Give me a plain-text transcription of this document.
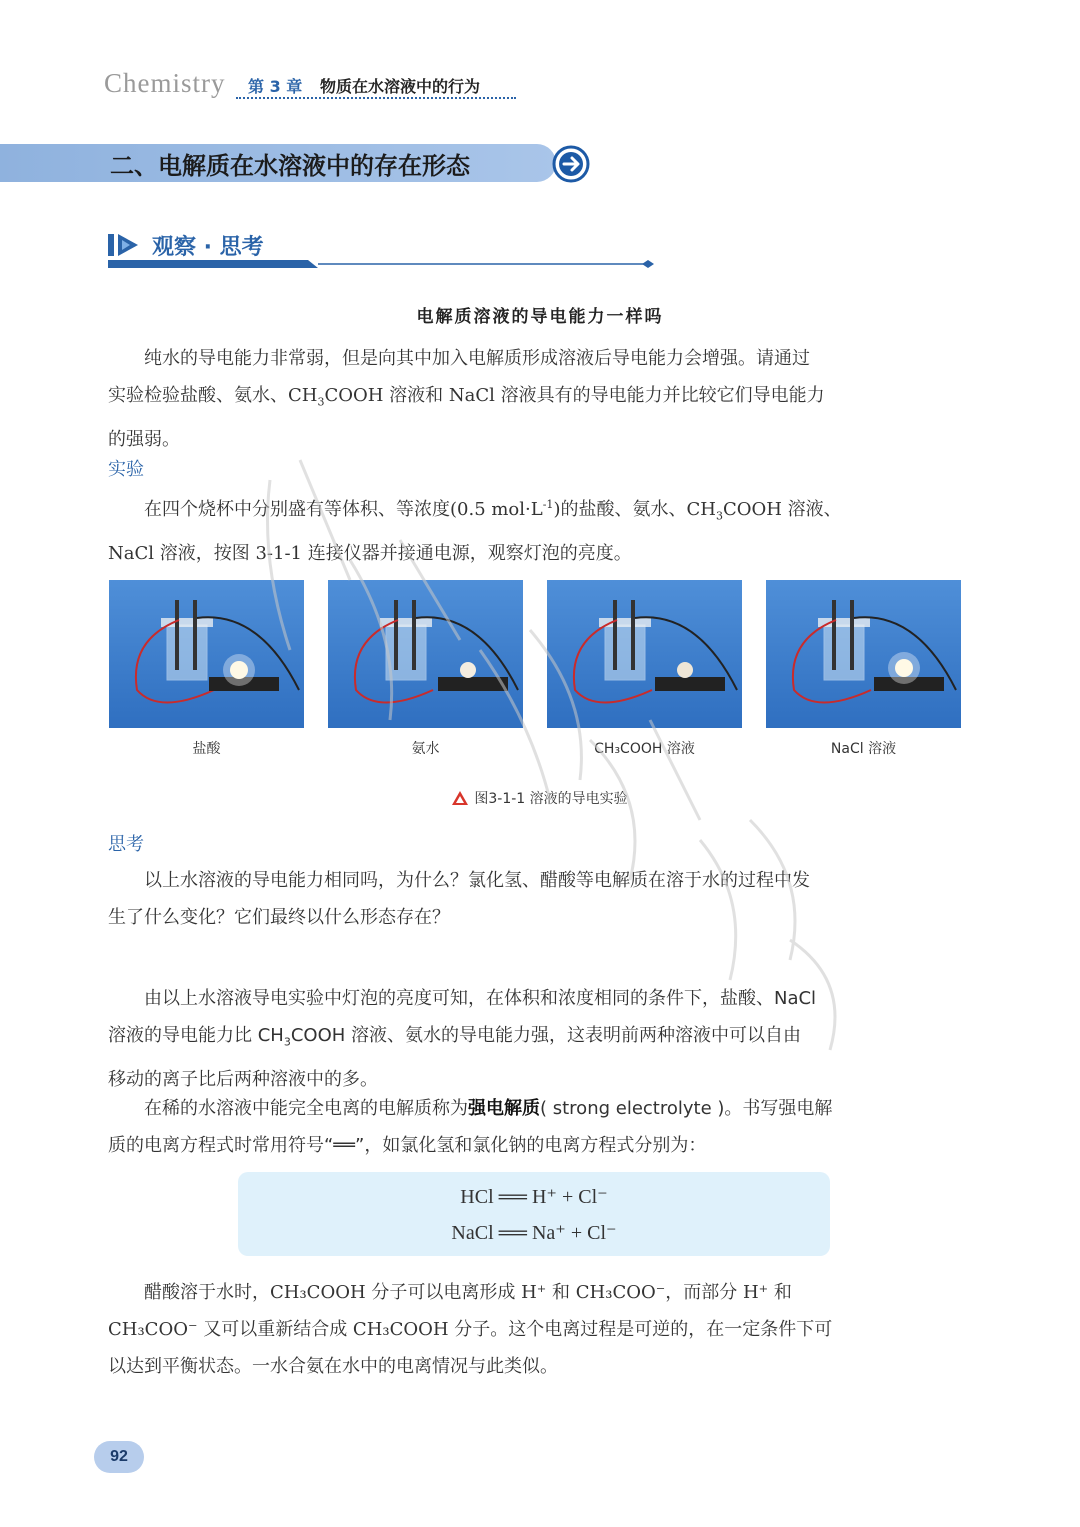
Chemistry 第 3 章 物质在水溶液中的行为
二、电解质在水溶液中的存在形态
观察 · 思考
电解质溶液的导电能力一样吗
纯水的导电能力非常弱，但是向其中加入电解质形成溶液后导电能力会增强。请通过
实验检验盐酸、氨水、$CH_3COOH$ 溶液和 NaCl 溶液具有的导电能力并比较它们导电能力
的强弱。
实验
在四个烧杯中分别盛有等体积、等浓度(0.5 $mol\cdot L^{-1}$)的盐酸、氨水、$CH_3COOH$ 溶液、
NaCl 溶液，按图 3-1-1 连接仪器并接通电源，观察灯泡的亮度。
盐酸	氨水	CH₃COOH 溶液	NaCl 溶液
图3-1-1 溶液的导电实验
思考
以上水溶液的导电能力相同吗，为什么？氯化氢、醋酸等电解质在溶于水的过程中发
生了什么变化？它们最终以什么形态存在？
由以上水溶液导电实验中灯泡的亮度可知，在体积和浓度相同的条件下，盐酸、NaCl
溶液的导电能力比 $CH_3COOH$ 溶液、氨水的导电能力强，这表明前两种溶液中可以自由
移动的离子比后两种溶液中的多。
在稀的水溶液中能完全电离的电解质称为强电解质( strong electrolyte )。书写强电解
质的电离方程式时常用符号“══”，如氯化氢和氯化钠的电离方程式分别为：
HCl ══ H⁺ + Cl⁻
NaCl ══ Na⁺ + Cl⁻
醋酸溶于水时，CH₃COOH 分子可以电离形成 H⁺ 和 CH₃COO⁻，而部分 H⁺ 和
CH₃COO⁻ 又可以重新结合成 CH₃COOH 分子。这个电离过程是可逆的，在一定条件下可
以达到平衡状态。一水合氨在水中的电离情况与此类似。
92
